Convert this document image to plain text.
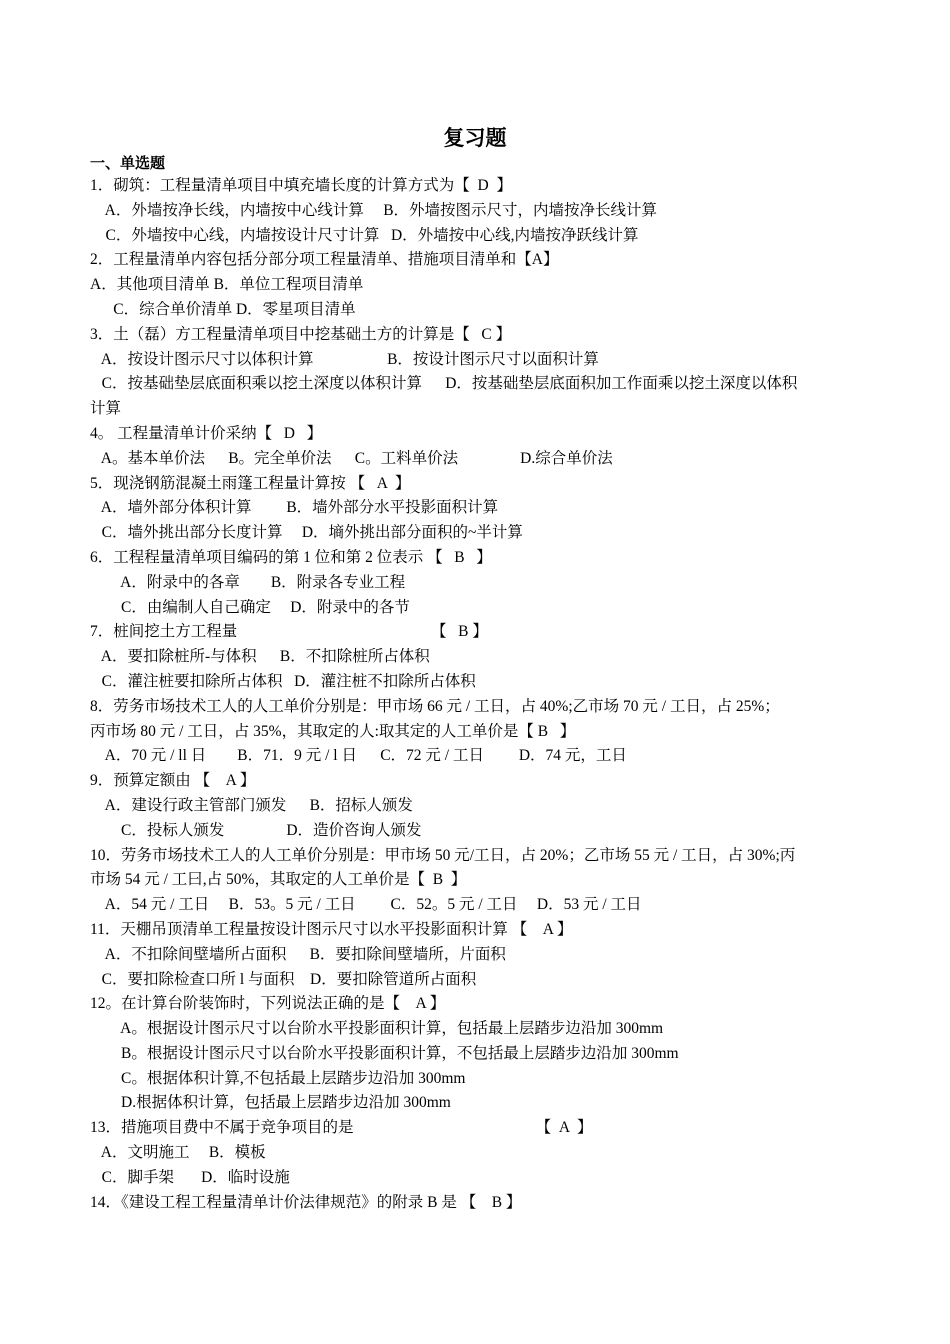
复习题
一、单选题
1．砌筑：工程量清单项目中填充墙长度的计算方式为【  D  】
A．外墙按净长线，内墙按中心线计算     B．外墙按图示尺寸，内墙按净长线计算
C．外墙按中心线，内墙按设计尺寸计算   D．外墙按中心线,内墙按净跃线计算
2．工程量清单内容包括分部分项工程量清单、措施项目清单和【A】
A．其他项目清单 B．单位工程项目清单
C．综合单价清单 D．零星项目清单
3．土（磊）方工程量清单项目中挖基础土方的计算是【   C 】
A．按设计图示尺寸以体积计算                   B．按设计图示尺寸以面积计算
C．按基础垫层底面积乘以挖土深度以体积计算      D．按基础垫层底面积加工作面乘以挖土深度以体积
计算
4。 工程量清单计价采纳【   D   】
A。基本单价法      B。完全单价法      C。工料单价法                D.综合单价法
5．现浇钢筋混凝土雨篷工程量计算按 【   A  】
A．墙外部分体积计算         B．墙外部分水平投影面积计算
C．墙外挑出部分长度计算     D．墒外挑出部分面积的~半计算
6．工程程量清单项目编码的第 1 位和第 2 位表示 【   B   】
A．附录中的各章        B．附录各专业工程
C．由编制人自己确定     D．附录中的各节
7．桩间挖土方工程量                                                  【   B 】
A．要扣除桩所-与体积      B．不扣除桩所占体积
C．灌注桩要扣除所占体积   D．灌注桩不扣除所占体积
8．劳务市场技术工人的人工单价分别是：甲市场 66 元 / 工日，占 40%;乙市场 70 元 / 工日，占 25%；
丙市场 80 元 / 工日，占 35%，其取定的人:取其定的人工单价是【 B   】
A．70 元 / ll 日        B．71．9 元 / l 日      C．72 元 / 工日         D．74 元，工日
9．预算定额由 【    A 】
A．建设行政主管部门颁发      B．招标人颁发
C．投标人颁发                D．造价咨询人颁发
10．劳务市场技术工人的人工单价分别是：甲市场 50 元/工日，占 20%；乙市场 55 元 / 工日，占 30%;丙
市场 54 元 / 工曰,占 50%，其取定的人工单价是【  B  】
A．54 元 / 工日     B．53。5 元 / 工日         C．52。5 元 / 工日     D．53 元 / 工日
11．天棚吊顶清单工程量按设计图示尺寸以水平投影面积计算 【    A 】
A．不扣除间壁墙所占面积      B．要扣除间壁墙所，片面积
C．要扣除检查口所 l 与面积    D．要扣除管道所占面积
12。在计算台阶装饰时，下列说法正确的是【    A 】
A。根据设计图示尺寸以台阶水平投影面积计算，包括最上层踏步边沿加 300mm
B。根据设计图示尺寸以台阶水平投影面积计算，不包括最上层踏步边沿加 300mm
C。根据体积计算,不包括最上层踏步边沿加 300mm
D.根据体积计算，包括最上层踏步边沿加 300mm
13．措施项目费中不属于竞争项目的是                                               【  A  】
A．文明施工     B．模板
C．脚手架       D．临时设施
14．《建设工程工程量清单计价法律规范》的附录 B 是 【    B 】
